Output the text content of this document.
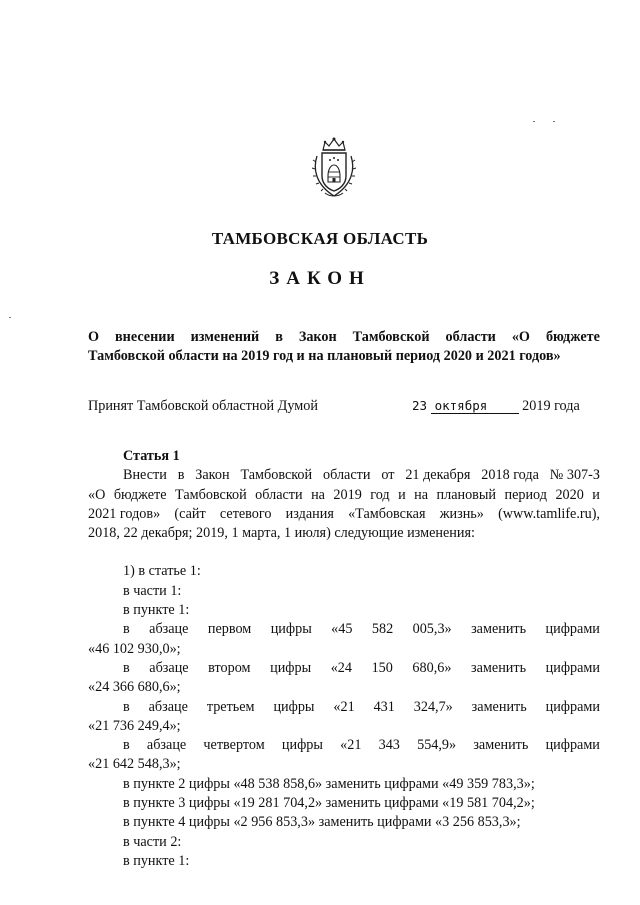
ТАМБОВСКАЯ ОБЛАСТЬ
ЗАКОН
О внесении изменений в Закон Тамбовской области «О бюджете
Тамбовской области на 2019 год и на плановый период 2020 и 2021 годов»
Принят Тамбовской областной Думой	23 октября 2019 года
Статья 1
Внести в Закон Тамбовской области от 21 декабря 2018 года № 307-З
«О бюджете Тамбовской области на 2019 год и на плановый период 2020 и
2021 годов» (сайт сетевого издания «Тамбовская жизнь» (www.tamlife.ru),
2018, 22 декабря; 2019, 1 марта, 1 июля) следующие изменения:
1) в статье 1:
в части 1:
в пункте 1:
в абзаце первом цифры «45 582 005,3» заменить цифрами
«46 102 930,0»;
в абзаце втором цифры «24 150 680,6» заменить цифрами
«24 366 680,6»;
в абзаце третьем цифры «21 431 324,7» заменить цифрами
«21 736 249,4»;
в абзаце четвертом цифры «21 343 554,9» заменить цифрами
«21 642 548,3»;
в пункте 2 цифры «48 538 858,6» заменить цифрами «49 359 783,3»;
в пункте 3 цифры «19 281 704,2» заменить цифрами «19 581 704,2»;
в пункте 4 цифры «2 956 853,3» заменить цифрами «3 256 853,3»;
в части 2:
в пункте 1:
